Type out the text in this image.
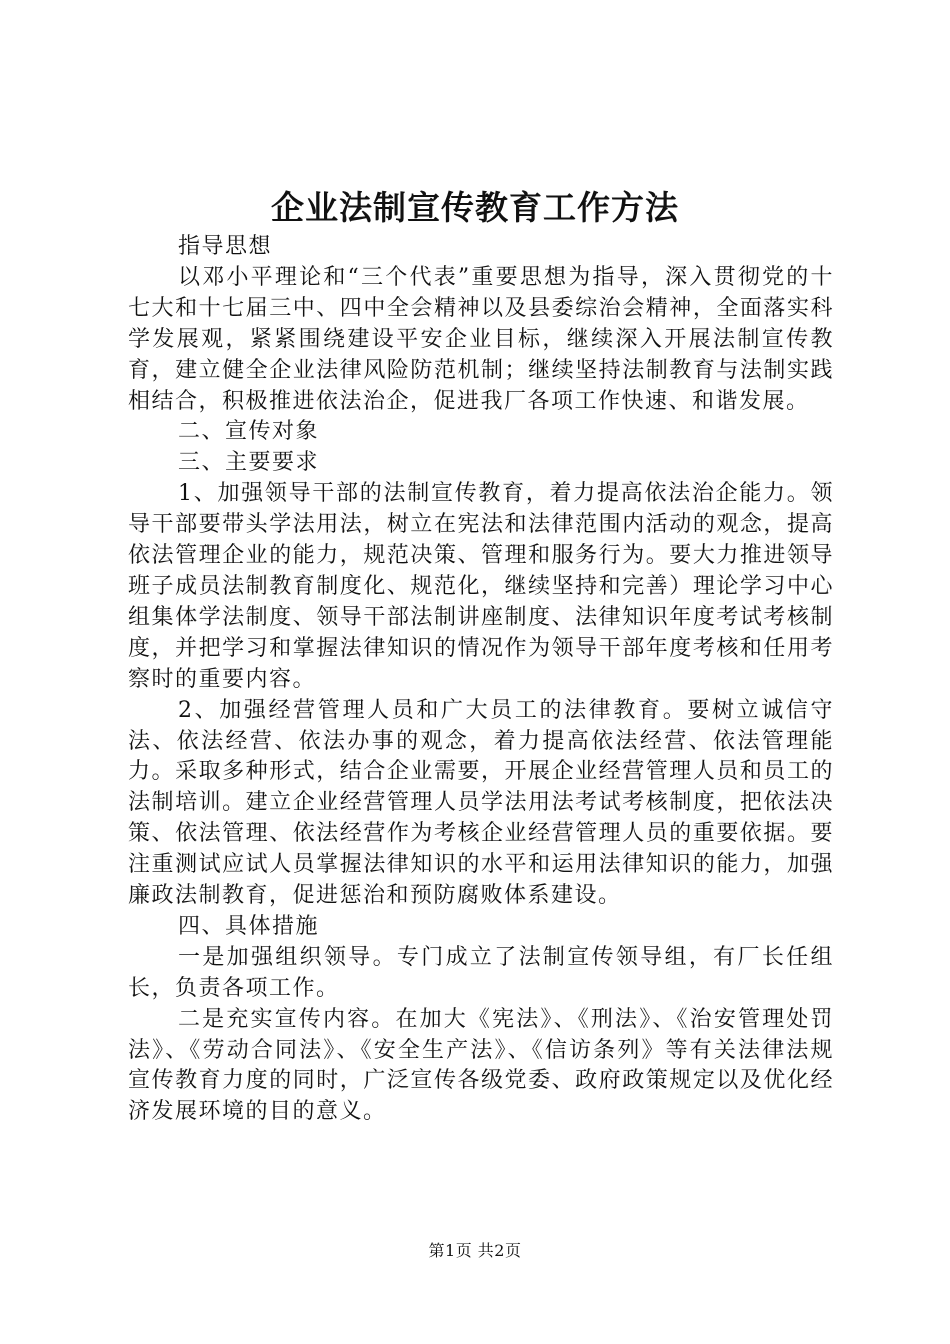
企业法制宣传教育工作方法

指导思想

以邓小平理论和“三个代表”重要思想为指导，深入贯彻党的十七大和十七届三中、四中全会精神以及县委综治会精神，全面落实科学发展观，紧紧围绕建设平安企业目标，继续深入开展法制宣传教育，建立健全企业法律风险防范机制；继续坚持法制教育与法制实践相结合，积极推进依法治企，促进我厂各项工作快速、和谐发展。

二、宣传对象

三、主要要求

1、加强领导干部的法制宣传教育，着力提高依法治企能力。领导干部要带头学法用法，树立在宪法和法律范围内活动的观念，提高依法管理企业的能力，规范决策、管理和服务行为。要大力推进领导班子成员法制教育制度化、规范化，继续坚持和完善）理论学习中心组集体学法制度、领导干部法制讲座制度、法律知识年度考试考核制度，并把学习和掌握法律知识的情况作为领导干部年度考核和任用考察时的重要内容。

2、加强经营管理人员和广大员工的法律教育。要树立诚信守法、依法经营、依法办事的观念，着力提高依法经营、依法管理能力。采取多种形式，结合企业需要，开展企业经营管理人员和员工的法制培训。建立企业经营管理人员学法用法考试考核制度，把依法决策、依法管理、依法经营作为考核企业经营管理人员的重要依据。要注重测试应试人员掌握法律知识的水平和运用法律知识的能力，加强廉政法制教育，促进惩治和预防腐败体系建设。

四、具体措施

一是加强组织领导。专门成立了法制宣传领导组，有厂长任组长，负责各项工作。

二是充实宣传内容。在加大《宪法》、《刑法》、《治安管理处罚法》、《劳动合同法》、《安全生产法》、《信访条列》等有关法律法规宣传教育力度的同时，广泛宣传各级党委、政府政策规定以及优化经济发展环境的目的意义。

第1页 共2页
